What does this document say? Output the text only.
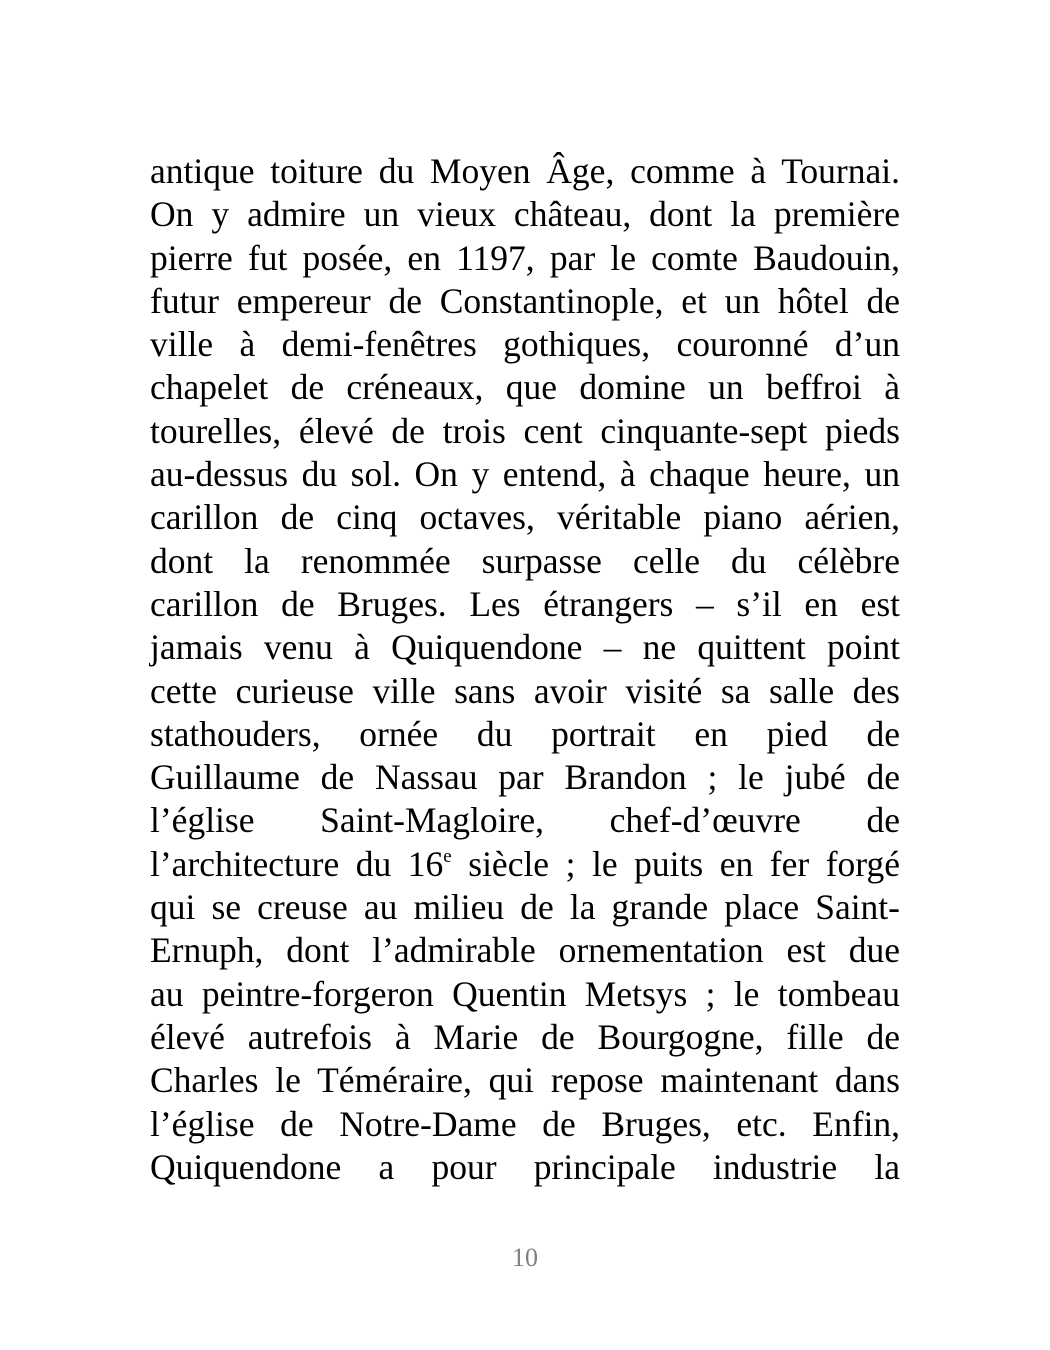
antique toiture du Moyen Âge, comme à Tournai.
On y admire un vieux château, dont la première
pierre fut posée, en 1197, par le comte Baudouin,
futur empereur de Constantinople, et un hôtel de
ville à demi-fenêtres gothiques, couronné d’un
chapelet de créneaux, que domine un beffroi à
tourelles, élevé de trois cent cinquante-sept pieds
au-dessus du sol. On y entend, à chaque heure, un
carillon de cinq octaves, véritable piano aérien,
dont la renommée surpasse celle du célèbre
carillon de Bruges. Les étrangers – s’il en est
jamais venu à Quiquendone – ne quittent point
cette curieuse ville sans avoir visité sa salle des
stathouders, ornée du portrait en pied de
Guillaume de Nassau par Brandon ; le jubé de
l’église Saint-Magloire, chef-d’œuvre de
l’architecture du 16e siècle ; le puits en fer forgé
qui se creuse au milieu de la grande place Saint-
Ernuph, dont l’admirable ornementation est due
au peintre-forgeron Quentin Metsys ; le tombeau
élevé autrefois à Marie de Bourgogne, fille de
Charles le Téméraire, qui repose maintenant dans
l’église de Notre-Dame de Bruges, etc. Enfin,
Quiquendone a pour principale industrie la
10
